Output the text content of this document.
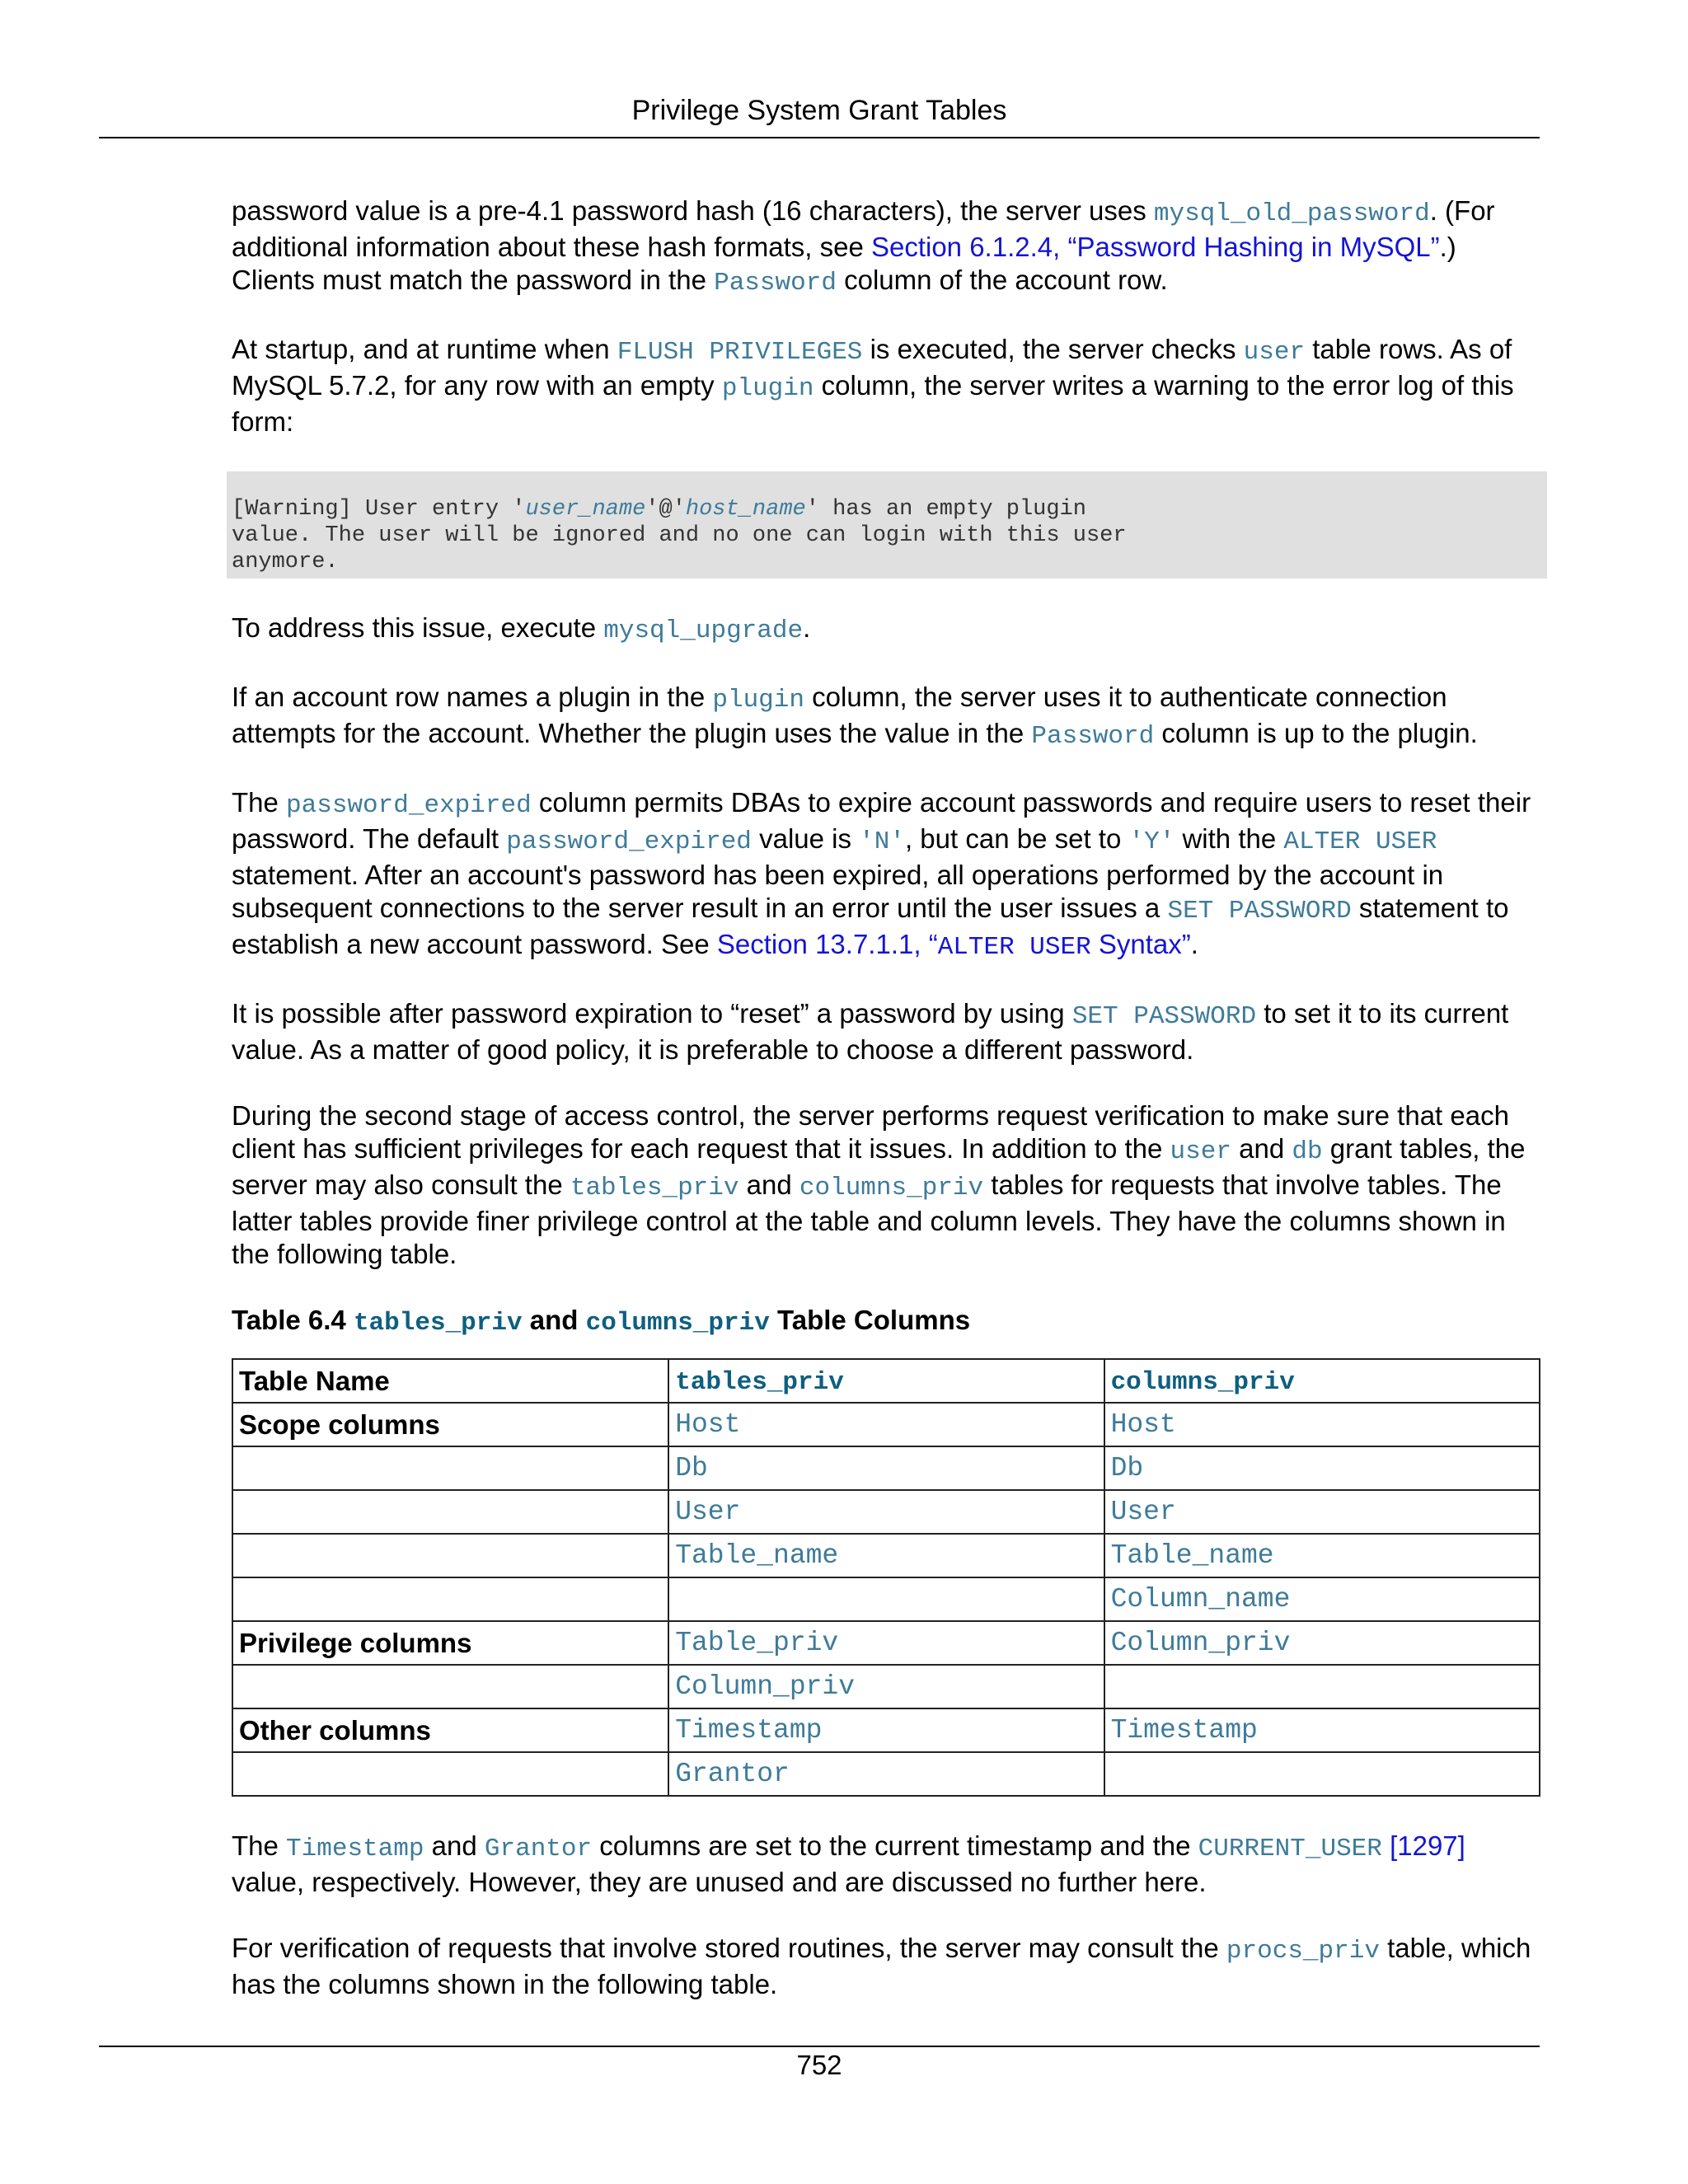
Privilege System Grant Tables

password value is a pre-4.1 password hash (16 characters), the server uses mysql_old_password. (For additional information about these hash formats, see Section 6.1.2.4, “Password Hashing in MySQL”.) Clients must match the password in the Password column of the account row.

At startup, and at runtime when FLUSH PRIVILEGES is executed, the server checks user table rows. As of MySQL 5.7.2, for any row with an empty plugin column, the server writes a warning to the error log of this form:

[Warning] User entry 'user_name'@'host_name' has an empty plugin
value. The user will be ignored and no one can login with this user
anymore.

To address this issue, execute mysql_upgrade.

If an account row names a plugin in the plugin column, the server uses it to authenticate connection attempts for the account. Whether the plugin uses the value in the Password column is up to the plugin.

The password_expired column permits DBAs to expire account passwords and require users to reset their password. The default password_expired value is 'N', but can be set to 'Y' with the ALTER USER statement. After an account's password has been expired, all operations performed by the account in subsequent connections to the server result in an error until the user issues a SET PASSWORD statement to establish a new account password. See Section 13.7.1.1, “ALTER USER Syntax”.

It is possible after password expiration to “reset” a password by using SET PASSWORD to set it to its current value. As a matter of good policy, it is preferable to choose a different password.

During the second stage of access control, the server performs request verification to make sure that each client has sufficient privileges for each request that it issues. In addition to the user and db grant tables, the server may also consult the tables_priv and columns_priv tables for requests that involve tables. The latter tables provide finer privilege control at the table and column levels. They have the columns shown in the following table.

Table 6.4 tables_priv and columns_priv Table Columns
Table Name	tables_priv	columns_priv
Scope columns	Host	Host
	Db	Db
	User	User
	Table_name	Table_name
		Column_name
Privilege columns	Table_priv	Column_priv
	Column_priv	
Other columns	Timestamp	Timestamp
	Grantor	

The Timestamp and Grantor columns are set to the current timestamp and the CURRENT_USER [1297] value, respectively. However, they are unused and are discussed no further here.

For verification of requests that involve stored routines, the server may consult the procs_priv table, which has the columns shown in the following table.

752
